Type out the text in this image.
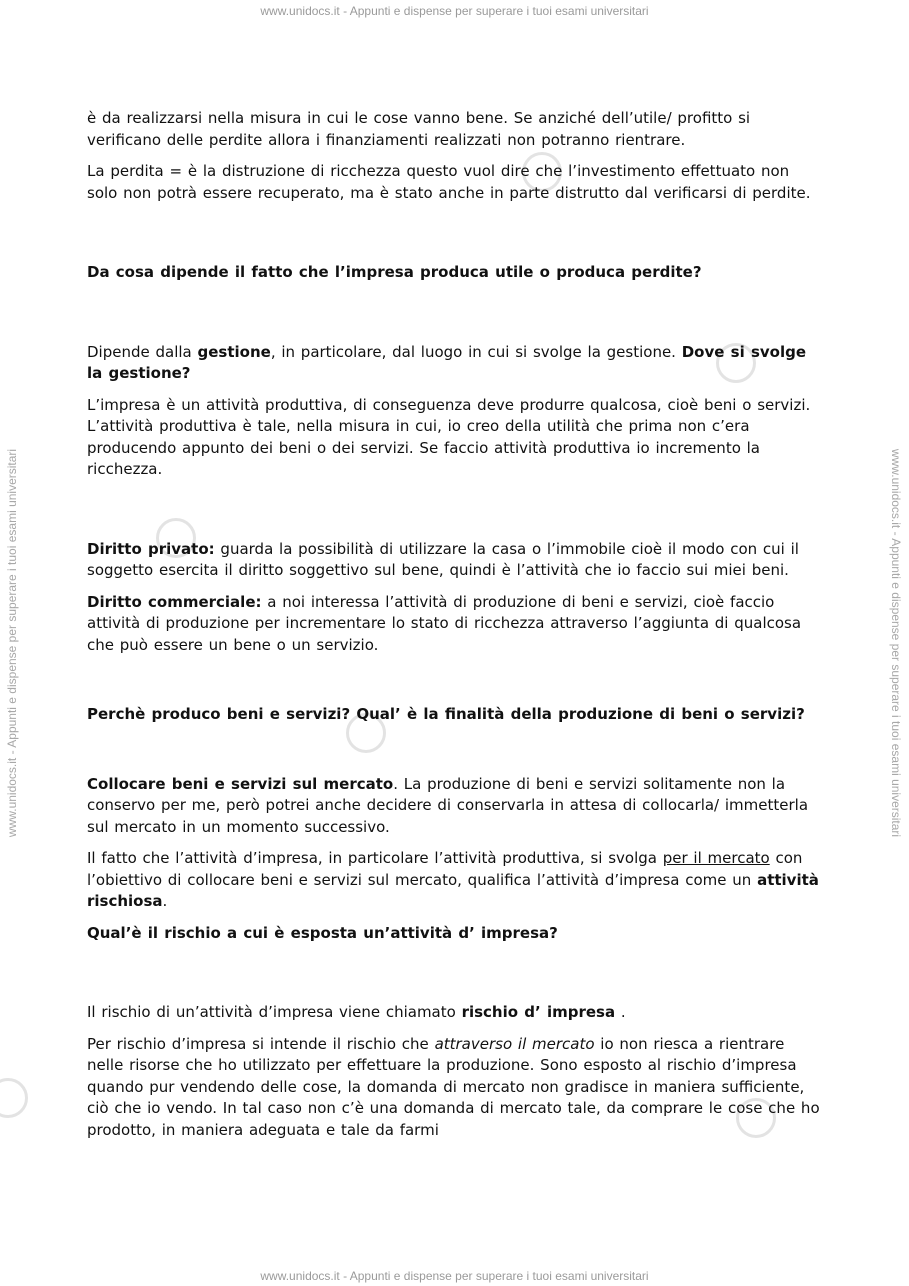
www.unidocs.it - Appunti e dispense per superare i tuoi esami universitari
www.unidocs.it - Appunti e dispense per superare i tuoi esami universitari
www.unidocs.it - Appunti e dispense per superare i tuoi esami universitari	www.unidocs.it - Appunti e dispense per superare i tuoi esami universitari

è da realizzarsi nella misura in cui le cose vanno bene. Se anziché dell’utile/ profitto si verificano delle perdite allora i finanziamenti realizzati non potranno rientrare.

La perdita = è la distruzione di ricchezza questo vuol dire che l’investimento effettuato non solo non potrà essere recuperato, ma è stato anche in parte distrutto dal verificarsi di perdite.

Da cosa dipende il fatto che l’impresa produca utile o produca perdite?

Dipende dalla gestione, in particolare, dal luogo in cui si svolge la gestione. Dove si svolge la gestione?

L’impresa è un attività produttiva, di conseguenza deve produrre qualcosa, cioè beni o servizi. L’attività produttiva è tale, nella misura in cui, io creo della utilità che prima non c’era producendo appunto dei beni o dei servizi. Se faccio attività produttiva io incremento la ricchezza.

Diritto privato: guarda la possibilità di utilizzare la casa o l’immobile cioè il modo con cui il soggetto esercita il diritto soggettivo sul bene, quindi è l’attività che io faccio sui miei beni.

Diritto commerciale: a noi interessa l’attività di produzione di beni e servizi, cioè faccio attività di produzione per incrementare lo stato di ricchezza attraverso l’aggiunta di qualcosa che può essere un bene o un servizio.

Perchè produco beni e servizi? Qual’ è la finalità della produzione di beni o servizi?

Collocare beni e servizi sul mercato. La produzione di beni e servizi solitamente non la conservo per me, però potrei anche decidere di conservarla in attesa di collocarla/ immetterla sul mercato in un momento successivo.

Il fatto che l’attività d’impresa, in particolare l’attività produttiva, si svolga per il mercato con l’obiettivo di collocare beni e servizi sul mercato, qualifica l’attività d’impresa come un attività rischiosa.

Qual’è il rischio a cui è esposta un’attività d’ impresa?

Il rischio di un’attività d’impresa viene chiamato rischio d’ impresa .

Per rischio d’impresa si intende il rischio che attraverso il mercato io non riesca a rientrare nelle risorse che ho utilizzato per effettuare la produzione. Sono esposto al rischio d’impresa quando pur vendendo delle cose, la domanda di mercato non gradisce in maniera sufficiente, ciò che io vendo. In tal caso non c’è una domanda di mercato tale, da comprare le cose che ho prodotto, in maniera adeguata e tale da farmi
